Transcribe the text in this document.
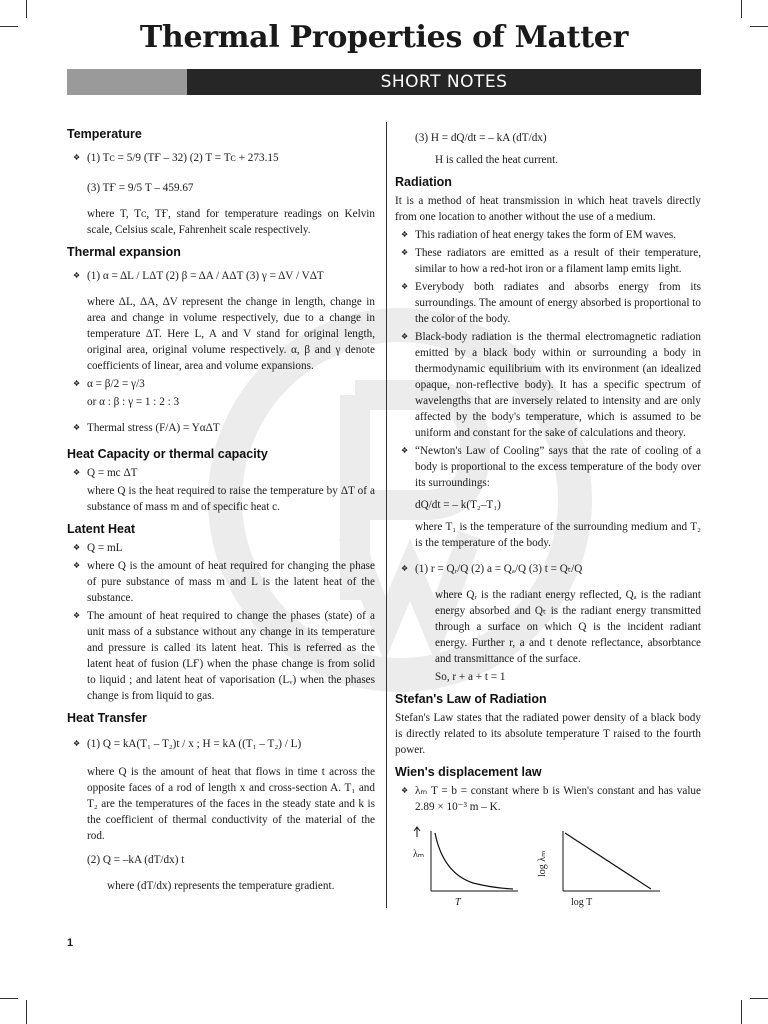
Thermal Properties of Matter
SHORT NOTES
Temperature
❖ (1) Tᴄ = 5/9 (TҒ – 32) (2) T = Tᴄ + 273.15
(3) TҒ = 9/5 T – 459.67
where T, Tᴄ, TҒ, stand for temperature readings on Kelvin scale, Celsius scale, Fahrenheit scale respectively.
Thermal expansion
❖ (1) α = ΔL / LΔT (2) β = ΔA / AΔT (3) γ = ΔV / VΔT
where ΔL, ΔA, ΔV represent the change in length, change in area and change in volume respectively, due to a change in temperature ΔT. Here L, A and V stand for original length, original area, original volume respectively. α, β and γ denote coefficients of linear, area and volume expansions.
❖ α = β/2 = γ/3
or α : β : γ = 1 : 2 : 3
❖ Thermal stress (F/A) = YαΔT
Heat Capacity or thermal capacity
❖ Q = mc ΔT
where Q is the heat required to raise the temperature by ΔT of a substance of mass m and of specific heat c.
Latent Heat
❖ Q = mL
❖ where Q is the amount of heat required for changing the phase of pure substance of mass m and L is the latent heat of the substance.
❖ The amount of heat required to change the phases (state) of a unit mass of a substance without any change in its temperature and pressure is called its latent heat. This is referred as the latent heat of fusion (LҒ) when the phase change is from solid to liquid ; and latent heat of vaporisation (Lᵥ) when the phases change is from liquid to gas.
Heat Transfer
❖ (1) Q = kA(T₁ – T₂)t / x ; H = kA ((T₁ – T₂) / L)
where Q is the amount of heat that flows in time t across the opposite faces of a rod of length x and cross-section A. T₁ and T₂ are the temperatures of the faces in the steady state and k is the coefficient of thermal conductivity of the material of the rod.
(2) Q = –kA (dT/dx) t
where (dT/dx) represents the temperature gradient.
(3) H = dQ/dt = – kA (dT/dx)
H is called the heat current.
Radiation
It is a method of heat transmission in which heat travels directly from one location to another without the use of a medium.
❖ This radiation of heat energy takes the form of EM waves.
❖ These radiators are emitted as a result of their temperature, similar to how a red-hot iron or a filament lamp emits light.
❖ Everybody both radiates and absorbs energy from its surroundings. The amount of energy absorbed is proportional to the color of the body.
❖ Black-body radiation is the thermal electromagnetic radiation emitted by a black body within or surrounding a body in thermodynamic equilibrium with its environment (an idealized opaque, non-reflective body). It has a specific spectrum of wavelengths that are inversely related to intensity and are only affected by the body's temperature, which is assumed to be uniform and constant for the sake of calculations and theory.
❖ “Newton's Law of Cooling” says that the rate of cooling of a body is proportional to the excess temperature of the body over its surroundings:
dQ/dt = – k(T₂–T₁)
where T₁ is the temperature of the surrounding medium and T₂ is the temperature of the body.
❖ (1) r = Qᵣ/Q (2) a = Qₐ/Q (3) t = Qₜ/Q
where Qᵣ is the radiant energy reflected, Qₐ is the radiant energy absorbed and Qₜ is the radiant energy transmitted through a surface on which Q is the incident radiant energy. Further r, a and t denote reflectance, absorbtance and transmittance of the surface.
So, r + a + t = 1
Stefan's Law of Radiation
Stefan's Law states that the radiated power density of a black body is directly related to its absolute temperature T raised to the fourth power.
Wien's displacement law
❖ λₘ T = b = constant where b is Wien's constant and has value 2.89 × 10⁻³ m – K.
λₘ
T
log λₘ
log T
1
